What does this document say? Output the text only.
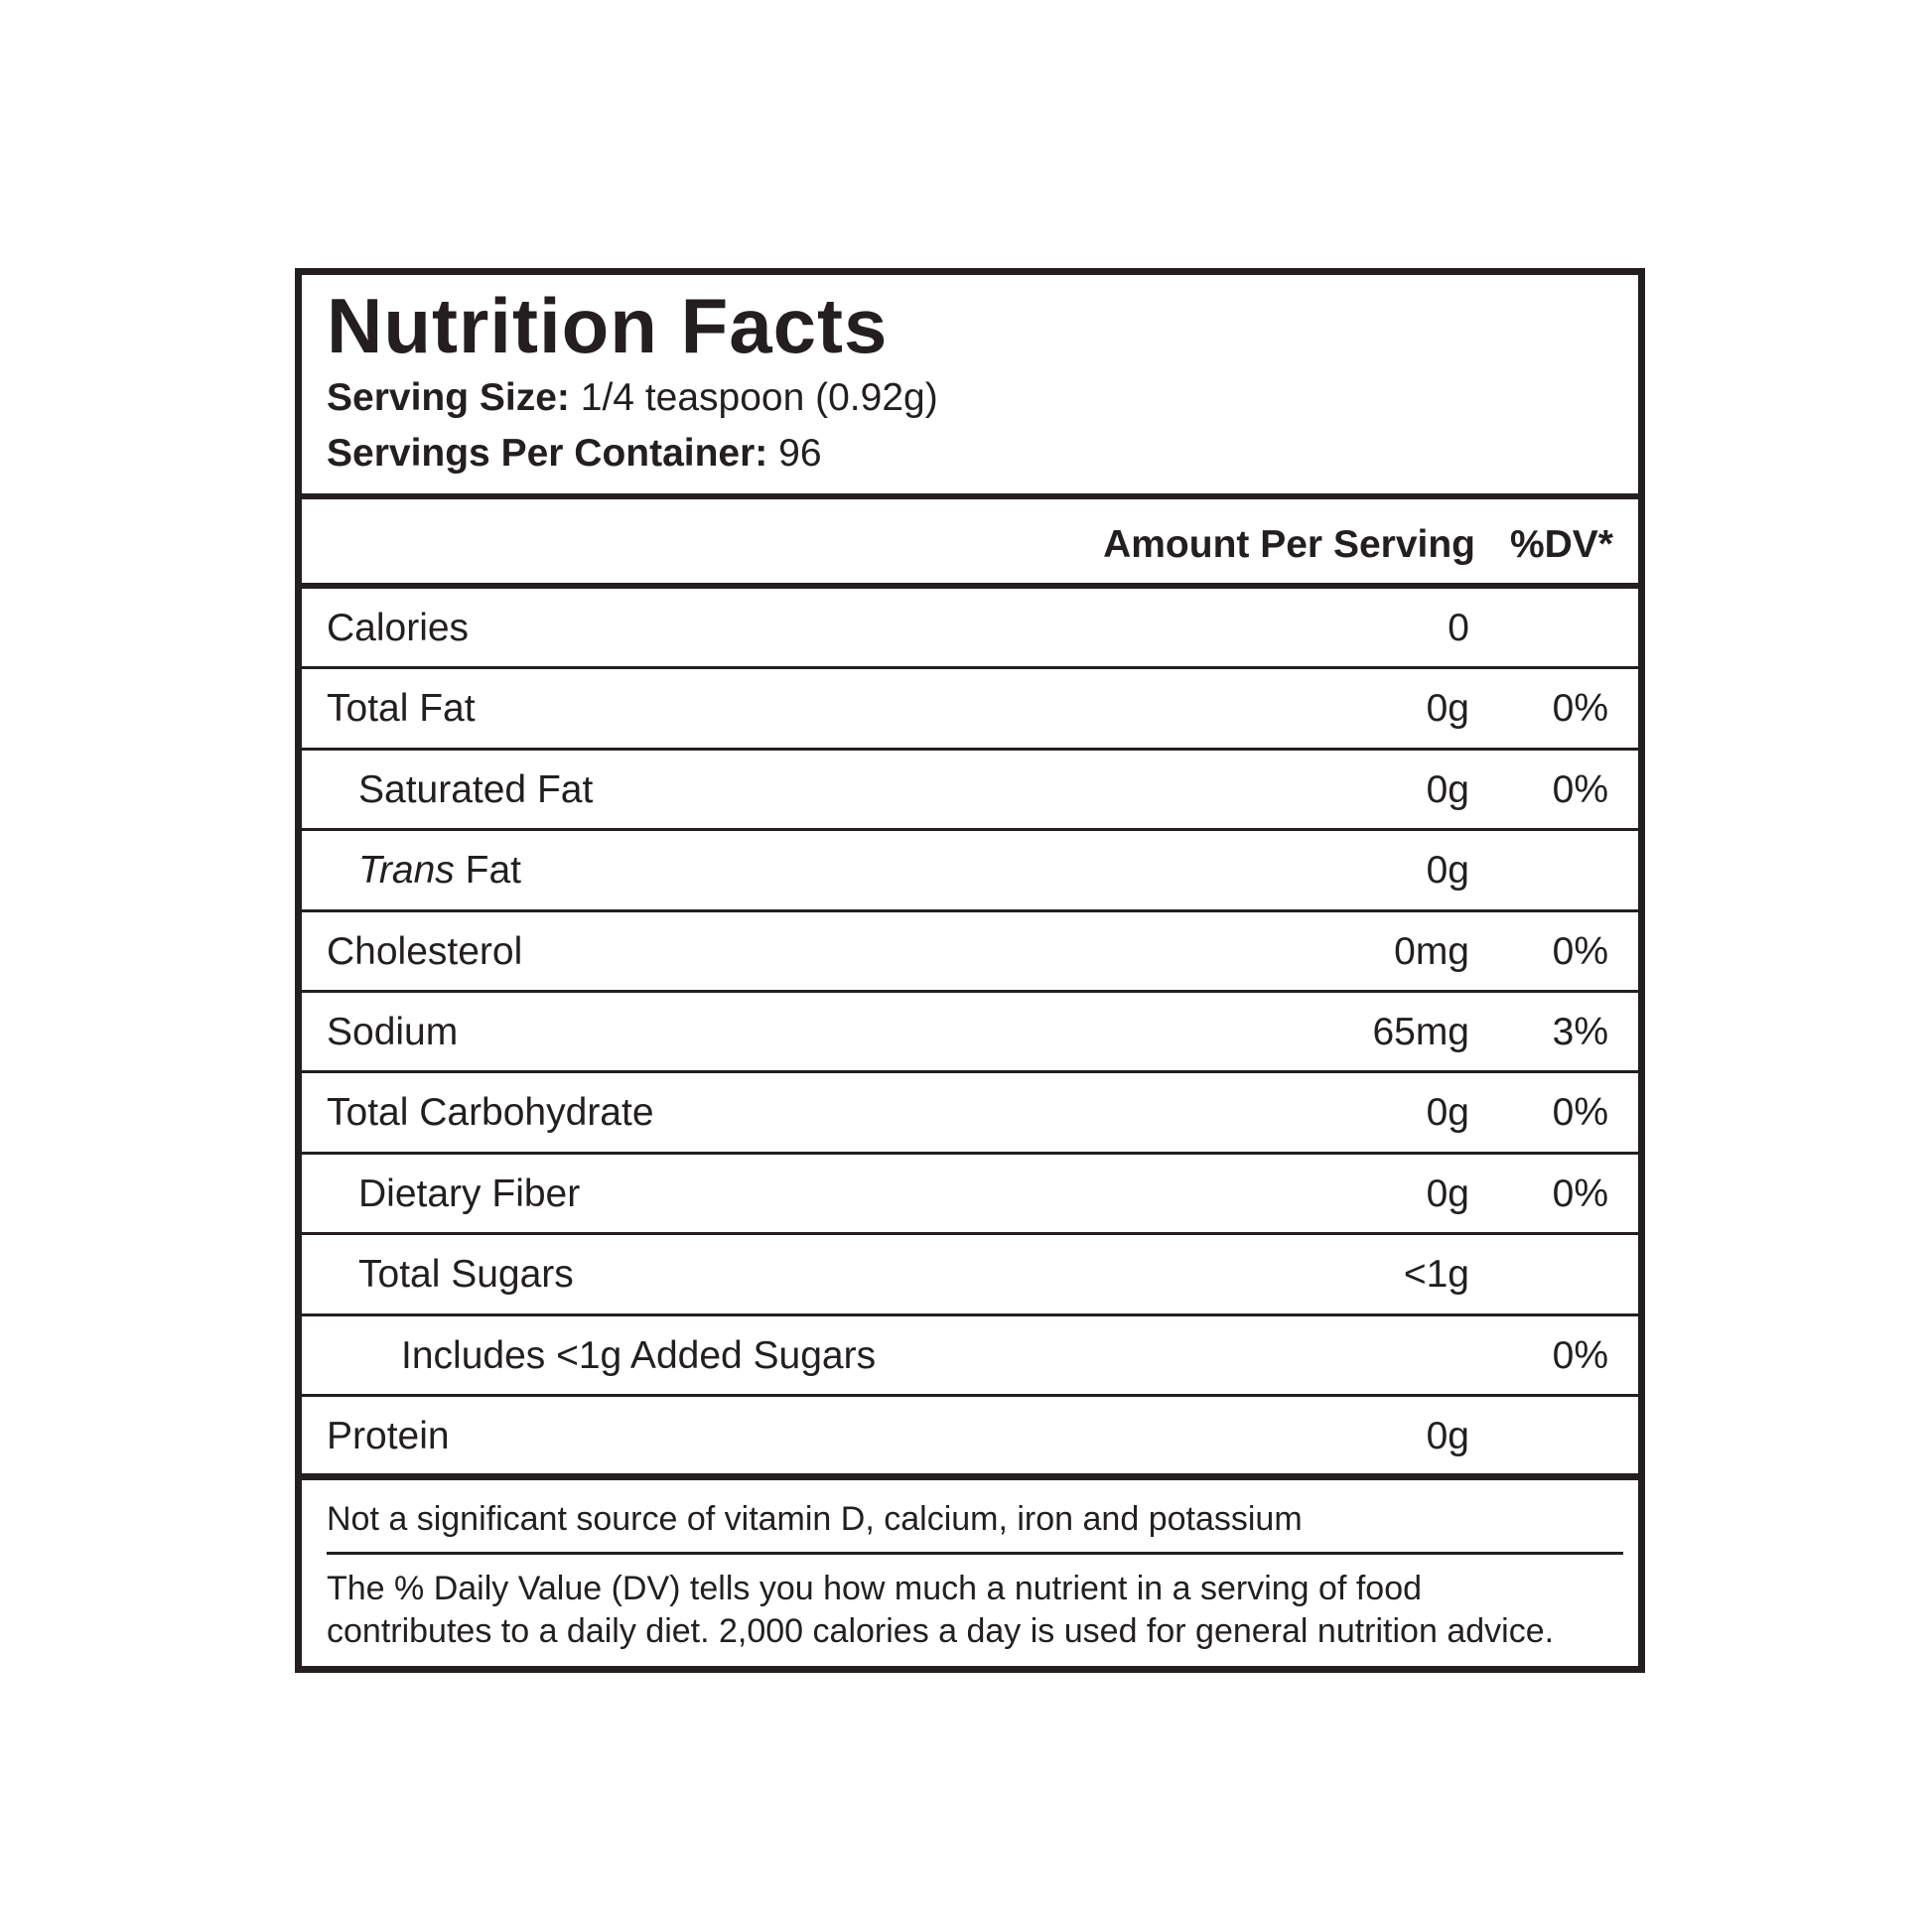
Nutrition Facts
Serving Size: 1/4 teaspoon (0.92g)
Servings Per Container: 96
Amount Per Serving %DV*
Calories	0
Total Fat	0g 0%
Saturated Fat	0g 0%
Trans Fat	0g
Cholesterol	0mg 0%
Sodium	65mg 3%
Total Carbohydrate	0g 0%
Dietary Fiber	0g 0%
Total Sugars	<1g
Includes <1g Added Sugars	0%
Protein	0g
Not a significant source of vitamin D, calcium, iron and potassium
The % Daily Value (DV) tells you how much a nutrient in a serving of food
contributes to a daily diet. 2,000 calories a day is used for general nutrition advice.
